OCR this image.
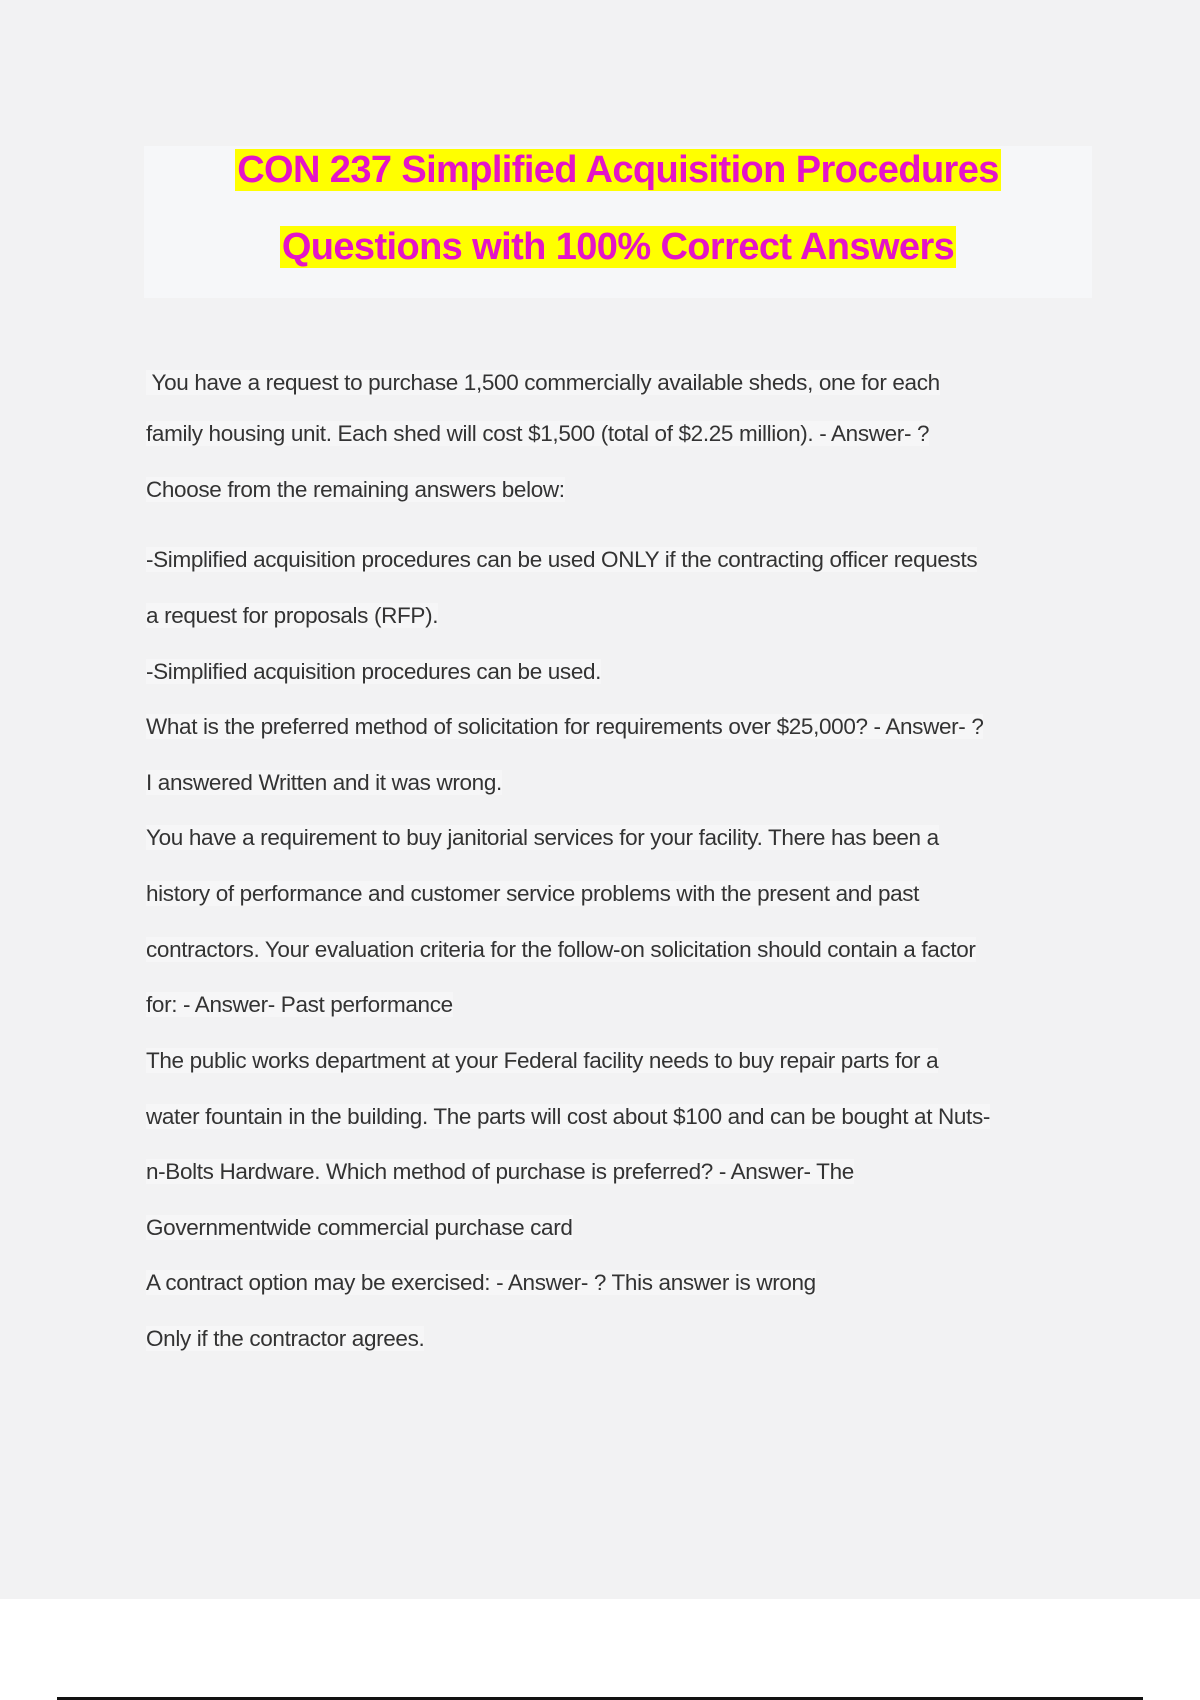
CON 237 Simplified Acquisition Procedures
Questions with 100% Correct Answers
You have a request to purchase 1,500 commercially available sheds, one for each
family housing unit. Each shed will cost $1,500 (total of $2.25 million). - Answer- ?
Choose from the remaining answers below:
-Simplified acquisition procedures can be used ONLY if the contracting officer requests
a request for proposals (RFP).
-Simplified acquisition procedures can be used.
What is the preferred method of solicitation for requirements over $25,000? - Answer- ?
I answered Written and it was wrong.
You have a requirement to buy janitorial services for your facility. There has been a
history of performance and customer service problems with the present and past
contractors. Your evaluation criteria for the follow-on solicitation should contain a factor
for: - Answer- Past performance
The public works department at your Federal facility needs to buy repair parts for a
water fountain in the building. The parts will cost about $100 and can be bought at Nuts-
n-Bolts Hardware. Which method of purchase is preferred? - Answer- The
Governmentwide commercial purchase card
A contract option may be exercised: - Answer- ? This answer is wrong
Only if the contractor agrees.
